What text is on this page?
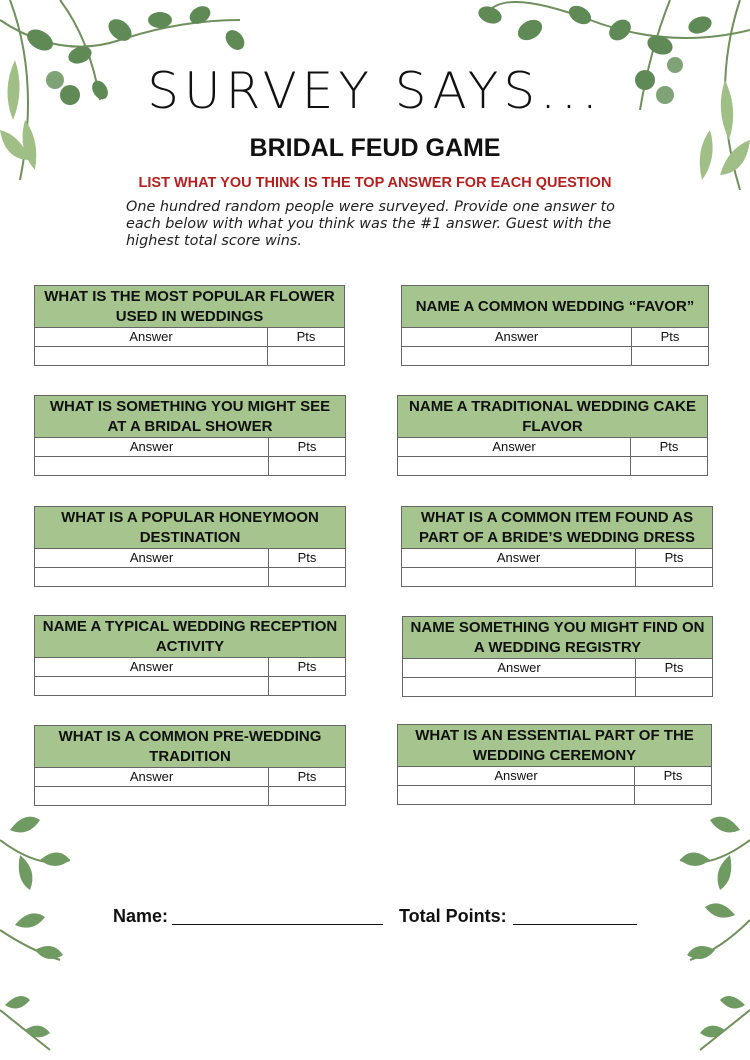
SURVEY SAYS...
BRIDAL FEUD GAME
LIST WHAT YOU THINK IS THE TOP ANSWER FOR EACH QUESTION
One hundred random people were surveyed. Provide one answer to each below with what you think was the #1 answer. Guest with the highest total score wins.
WHAT IS THE MOST POPULAR FLOWER USED IN WEDDINGS
Answer	Pts
NAME A COMMON WEDDING “FAVOR”
Answer	Pts
WHAT IS SOMETHING YOU MIGHT SEE AT A BRIDAL SHOWER
Answer	Pts
NAME A TRADITIONAL WEDDING CAKE FLAVOR
Answer	Pts
WHAT IS A POPULAR HONEYMOON DESTINATION
Answer	Pts
WHAT IS A COMMON ITEM FOUND AS PART OF A BRIDE’S WEDDING DRESS
Answer	Pts
NAME A TYPICAL WEDDING RECEPTION ACTIVITY
Answer	Pts
NAME SOMETHING YOU MIGHT FIND ON A WEDDING REGISTRY
Answer	Pts
WHAT IS A COMMON PRE-WEDDING TRADITION
Answer	Pts
WHAT IS AN ESSENTIAL PART OF THE WEDDING CEREMONY
Answer	Pts
Name:	Total Points:
